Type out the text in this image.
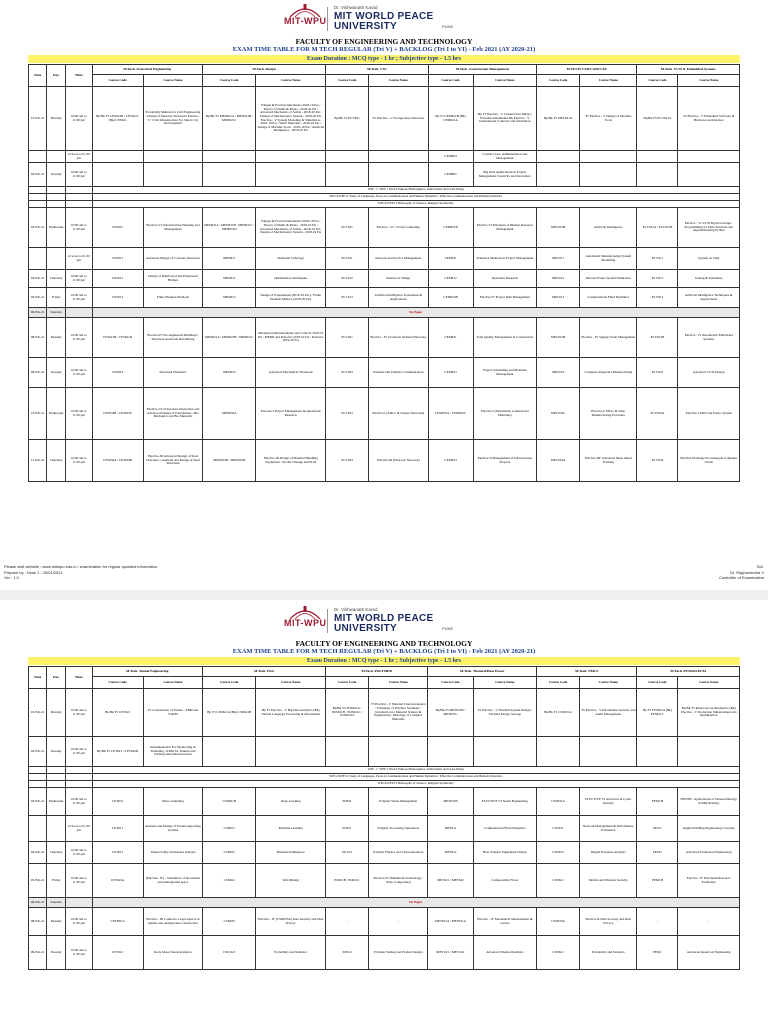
MIT-WPU
Dr. Vishwanath Karad
MIT WORLD PEACE
UNIVERSITY	PUNE
FACULTY OF ENGINEERING AND TECHNOLOGY
EXAM TIME TABLE FOR M TECH REGULAR (Tri V) + BACKLOG (Tri I to VI) - Feb 2021 (AY 2020-21)
Exam Duration : MCQ type - 1 hr ; Subjective type - 1.5 hrs
Date	Day	Time	M.Tech. Structural Engineering		M.Tech. Design		M.Tech. CSS		M.Tech. Construction Management		M TECH CAD/CAM/CAE		M.Tech. VLSI & Embedded Systems	
			Course Code	Course Name	Course Code	Course Name	Course Code	Course Name	Course Code	Course Name	Course Code	Course Name	Course Code	Course Name
01-Feb-21	Monday	10:00 am to 11:30 pm	Bp/Bk T5 CES621B / CES621C (Bk) CES621	Probability Methods in Civil Engineering / Design of Masonry Structures Elective - V / Civil Infrastructure For Smart City Development	Bp/Bk T5 MED621A / MED621B / MED621C	Fatigue & Fracture Mechanics-2018-19 Pat / Theory of Shells & Plates - 2018-20 Pat / Advanced Mechanics of Solids - 2018-20 Pat / Design of Mechatronics System - 2018-20 Pat Elective - V System Modeling & Simulation-2018-19 Pat / Smart Materials - 2018-19 Pat / Design of Machine Tools - 2018-19 Pat / Artificial Intelligence - 2018-19 Pat	Bp/Bk T5 ECY621	T5 Elective - V Storage Area Networks	Bp T5 CEM621B (Bk) CEM621A	Bp T5 Elective - V Construction Delays: Prevention Remedies Bk Elective - V International Contracts and Arbitration	Bp/Bk T5 MEC621A	T5 Elective - V Design of Machine Tools	Bp/Bk T5 ECV621A	T5 Elective - V Embedded Software & Hardware Architecture
		12 noon to 01.30 pm							CEM604	Contract Law, Administration and Management				
02-Feb-21	Tuesday	10:00 am to 11:30 pm							CEM605	Big Data Applications in Project Management Creativity and Innovation				
			WPC 1 / WPP 1 World Famous Philosophers, Saints/Sants and Great Kings											
			WPC2/WPP11 Study of Languages, Peace in Communication and Human Dynamics / Effective Communication and Human Dynamics											
			WPC4/WPP13 Philosophy of Science, Religion Spirituality											
03-Feb-21	Wednesday	10:00 am to 11:30 pm	CES631	Elective-VI, Infrastructure Planning and Management	MED631A / MED631B / MED631C / MED631D	Fatigue & Fracture Mechanics-2018-19 Pat / Theory of Shells & Plates - 2018-19 Pat / Advanced Mechanics of Solids - 2018-19 Pat / Design of Mechatronics System - 2018-19 Pat	ECC631	Elective - VI : Cloud Computing	CEM631B	Elective VI Principles of Human Resource Management	MEC631B	Artificial Intelligence	ECC631A / ECC631B	Elective - VI VLSI Physical design / Programming for Data Structure and Algorithm using Python
		12 noon to 01.30 pm	CES611	Advanced Design of Concrete Structures	MED611	Industrial Tribology	ECC611	Network and Service Management	CEM611	Statistical Methods in Project Management	MEC611	Automated Manufacturing System Modelling	ECV611	System on Chip
04-Feb-21	Thursday	10:00 am to 11:30 pm	CES612	Design of Reinforced and Prestressed Bridges	MED612	Optimization Techniques	ECC612	Internet of Things	CEM612	Operation Research	MEC612	Discrete Event System Simulation	ECV612	Testing & Testability
05-Feb-21	Friday	10:00 am to 11:30 pm	CES613	Finite Element Methods	MED613	Design of Experiments (2018-19 Pat.) / Finite Element Method (2018-20 Pat)	ECC613	Artificial Intelligence Techniques & Applications	CEM622B	Elective IV Project Risk Management	MEC613	Computational Fluid Dynamics	ECV613	Artificial Intelligence Techniques & Applications
06-Feb-21	Saturday		No Paper											
08-Feb-21	Monday	10:00 am to 11:30 pm	CES621B / CES621D	Elective-IV Pre-engineered Buildings / Structural Audit and Retrofitting	MED621A / MED621B / MED621C	Mechanical Measurements and Controls 2018-19 Pat / MEMS and Robotics 2018-19 Pat / Robotics 2019-20 Pat	ECC621	Elective - IV (Software Defined Networks	CEM621	Total Quality Management in Construction	MEC621B	Elective - IV Supply Chain Management	ECV621B	Elective - IV Automotive Embedded Systems
09-Feb-21	Tuesday	10:00 am to 11:30 pm	CES623	Structural Dynamics	MED623	Advanced Mechanical Vibrations	ECC623	Wireless and Cellular Communication	CEM623	Project Scheduling and Materials Management	MEC623	Computer Integrated Manufacturing	ECV623	Advanced VLSI Design
10-Feb-21	Wednesday	10:00 am to 11:30 pm	CES633B / CES633C	Elective-I Soil Structure Interaction and Advanced Design of Foundations / Bio Mechanics and Bio Materials	MED633A	Elective-I Project Management & Operations Research	ECC633	Elective-I (Adhoc & Sensor Networks)	CEM633A / CEM633C	Elective-I (Sustainable Construction Materials)	MEC633C	Elective-I: Micro & Nano Manufacturing Processes	ECV633A	Elective-I ANN and Fuzzy System
11-Feb-21	Thursday	10:00 am to 11:30 pm	CES634A / CES634B	Elective-III Advanced Design of Steel Structures / Analysis and Design of Steel Structures	MED634B / MED634D	Elective-III Design of Material Handling Equipment / Product Design and PLM	ECC634	Elective-III (Photonic Network)	CEM634	Elective-II Management of Infrastructure Projects	MEC634A	Elective-III: Advanced Sheet Metal Forming	ECV634	Elective-III Image Processing & Computer Vision
Please visit website : www.mitwpu.edu.in / examination for regular updated information.
Prepare by : Desk 1 : 20/01/2021
Ver : 1.0
Sd/-
Dr. Raghuvendra V
Controller of Examination
MIT-WPU
Dr. Vishwanath Karad
MIT WORLD PEACE
UNIVERSITY	PUNE
FACULTY OF ENGINEERING AND TECHNOLOGY
EXAM TIME TABLE FOR M TECH REGULAR (Tri V) + BACKLOG (Tri I to VI) - Feb 2021 (AY 2020-21)
Exam Duration : MCQ type - 1 hr ; Subjective type - 1.5 hrs
Date	Day	Time	M.Tech. Tunnel Engineering		M.Tech. DSA		M.Tech. POLYMER		M.Tech. Thermal/Heat Power		M.Tech. NMCS		M.Tech. PETROLEUM	
			Course Code	Course Name	Course Code	Course Name	Course Code	Course Name	Course Code	Course Name	Course Code	Course Name	Course Code	Course Name
01-Feb-21	Monday	10:00 am to 11:30 pm	Bp/Bk T5 CET621	T5 Construction of Tunnel - TBM and NATM	Bp T5 CSD621A (Bk) CSD621B	Bp T5 Elective - V Big Data Analytics (Bk) Natural Language Processing & Information	Bp/Bk T5 POS621A / POS621B / POS621C / POS621D	T5 Elective - V Material Characterization / Principles of Polymer Synthesis / Introduction to Material Science & Engineering / Rheology of Complex Materials	Bp/Bk T5 MET621B / MET621C	T5 Elective - V Thermal System Design / Thermal Energy Storage	Bp/Bk T5 CSN621A	T5 Elective - V Information Security and Audit Management	Bp T5 PES621A (Bk) PES621C	Bp/Bk T5 Reservoir Geomechanics (Bk) Elective - V Production Enhancement and Optimization
02-Feb-21	Tuesday	10:00 am to 11:30 pm	Bp/Bk T5 CET621 / CET622D	Instrumentation For Monitoring In Tunneling / RDM for Tunnels and Underground Infrastructures										
			WPC 1 / WPP 1 World Famous Philosophers, Saints/Sants and Great Kings											
			WPC2/WPP11 Study of Languages, Peace in Communication and Human Dynamics / Effective Communication and Human Dynamics											
			WPC4/WPP13 Philosophy of Science, Religion Spirituality											
03-Feb-21	Wednesday	10:00 am to 11:30 pm	CET631	Micro-tunneling	CSD631B	Deep Learning	PO631	Polymer Waste Management	MET631B	ELECTIVE VI Steam Engineering	CSN631A	ELECTIVE VI Advances in Cyber Security	PE631B	PE631B / Applications of Nanotechnology in E&P Industry
		12 noon to 01.30 pm	CET611	Analysis and Design of Tunnel supporting systems	CSD611	Machine Learning	PO611	Polymer Processing Operations	MET611	Computational Fluid Dynamics	CSN611	Network Management & Performance Evaluation	PE611	Applied Drilling Engineering Concepts
04-Feb-21	Thursday	10:00 am to 11:30 pm	CET612	Tunnel Safety and hazard analysis	CSD612	Business Intelligence	PO 612	Polymer Physics and Characterization	MET612	Heat Transfer Equipment Design	CSN612	Digital Forensics Analysis	PE612	Advanced Production Engineering
05-Feb-21	Friday	10:00 am to 11:30 pm	CET622A	(Elective- IV) - Ventilation of the tunnels and underground space	CSD621	Web Mining	PO621B / PO621C	Elective-IV (Membrane Technology / Nano Composites)	MET621 / MET622	Compressible Flows	CSN621	Mobile and Wireless Security	PE621B	Elective- IV Petroleum Resource Evaluation
06-Feb-21	Saturday		No Paper											
08-Feb-21	Monday	10:00 am to 11:30 pm	CET600 A	Elective - III Contracts, Legal aspects in tunnels and underground construction	CSD633	Elective - IV (CSD633A) Data Security and Data Privacy	-	-	MET631A / MET631A	Elective - IV Mechanical Measurement & control	CSN633A	Elective-II Data Security and Data Privacy	-	-
09-Feb-21	Tuesday	10:00 am to 11:30 pm	CET621	Rock Mass Characterization	CSD 621	Probability and Statistics	PO612	Polymer Testing and Product Design	MET 621 / MET 622	Advanced Thermodynamics	CSN621	Probability and Statistics	PE621	Advanced Reservoir Engineering
